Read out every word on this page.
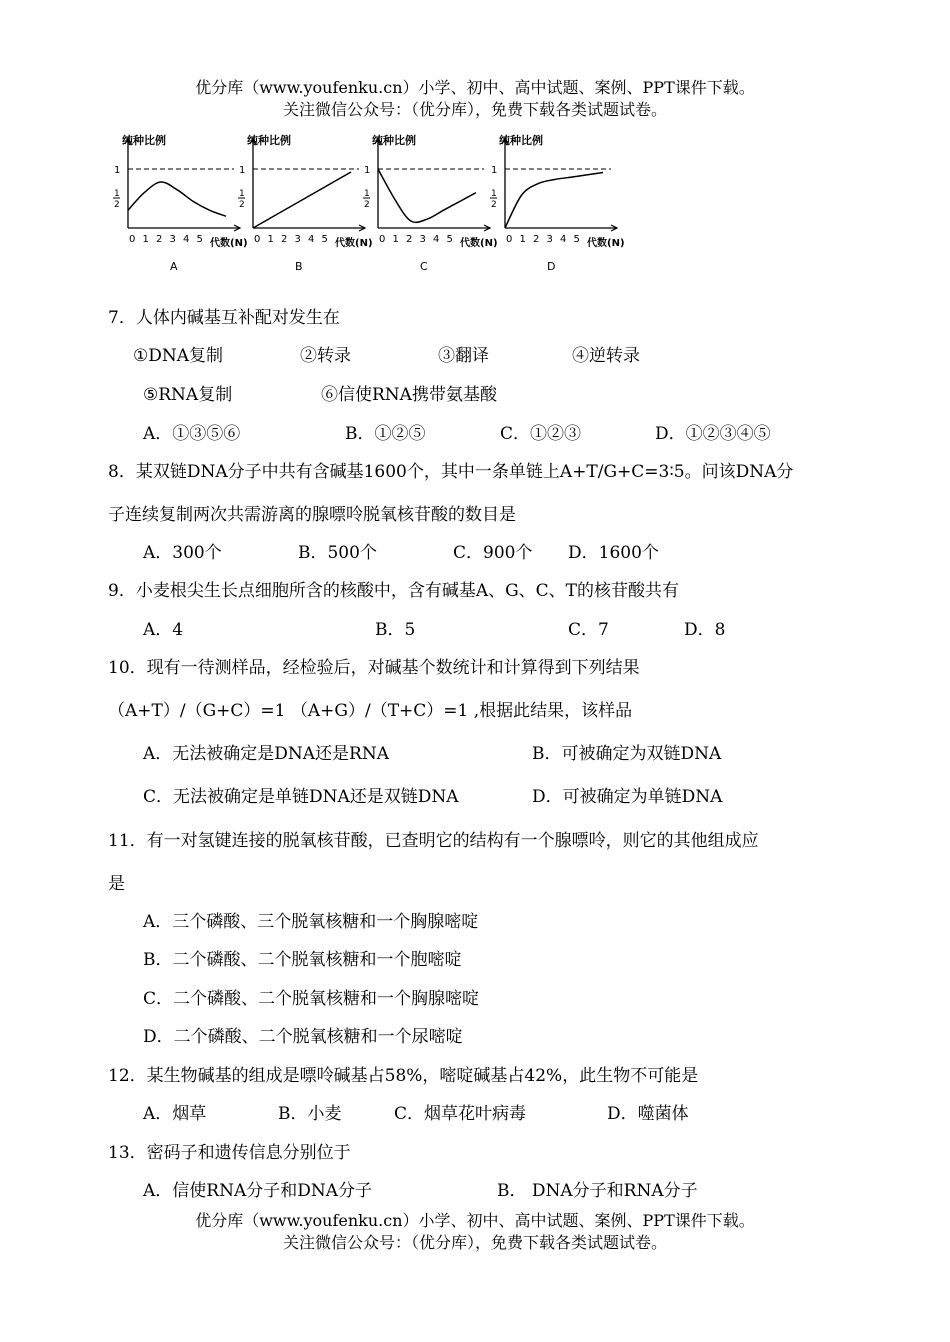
优分库（www.youfenku.cn）小学、初中、高中试题、案例、PPT课件下载。
关注微信公众号：（优分库），免费下载各类试题试卷。
纯种比例
1
1
2
0 1 2 3 4 5 代数(N)
A
纯种比例
1
1
2
0 1 2 3 4 5 代数(N)
B
纯种比例
1
1
2
0 1 2 3 4 5 代数(N)
C
纯种比例
1
1
2
0 1 2 3 4 5 代数(N)
D
7．人体内碱基互补配对发生在
①DNA复制	②转录	③翻译	④逆转录
⑤RNA复制	⑥信使RNA携带氨基酸
A．①③⑤⑥	B．①②⑤	C．①②③	D．①②③④⑤
8．某双链DNA分子中共有含碱基1600个，其中一条单链上A+T/G+C=3∶5。问该DNA分
子连续复制两次共需游离的腺嘌呤脱氧核苷酸的数目是
A．300个	B．500个	C．900个 D．1600个
9．小麦根尖生长点细胞所含的核酸中，含有碱基A、G、C、T的核苷酸共有
A．4	B．5	C．7	D．8
10．现有一待测样品，经检验后，对碱基个数统计和计算得到下列结果
（A+T）/（G+C）=1 （A+G）/（T+C）=1 ,根据此结果，该样品
A．无法被确定是DNA还是RNA	B．可被确定为双链DNA
C．无法被确定是单链DNA还是双链DNA	D．可被确定为单链DNA
11．有一对氢键连接的脱氧核苷酸，已查明它的结构有一个腺嘌呤，则它的其他组成应
是
A．三个磷酸、三个脱氧核糖和一个胸腺嘧啶
B．二个磷酸、二个脱氧核糖和一个胞嘧啶
C．二个磷酸、二个脱氧核糖和一个胸腺嘧啶
D．二个磷酸、二个脱氧核糖和一个尿嘧啶
12．某生物碱基的组成是嘌呤碱基占58%，嘧啶碱基占42%，此生物不可能是
A．烟草	B．小麦	C．烟草花叶病毒	D．噬菌体
13．密码子和遗传信息分别位于
A．信使RNA分子和DNA分子	B． DNA分子和RNA分子
优分库（www.youfenku.cn）小学、初中、高中试题、案例、PPT课件下载。
关注微信公众号：（优分库），免费下载各类试题试卷。
